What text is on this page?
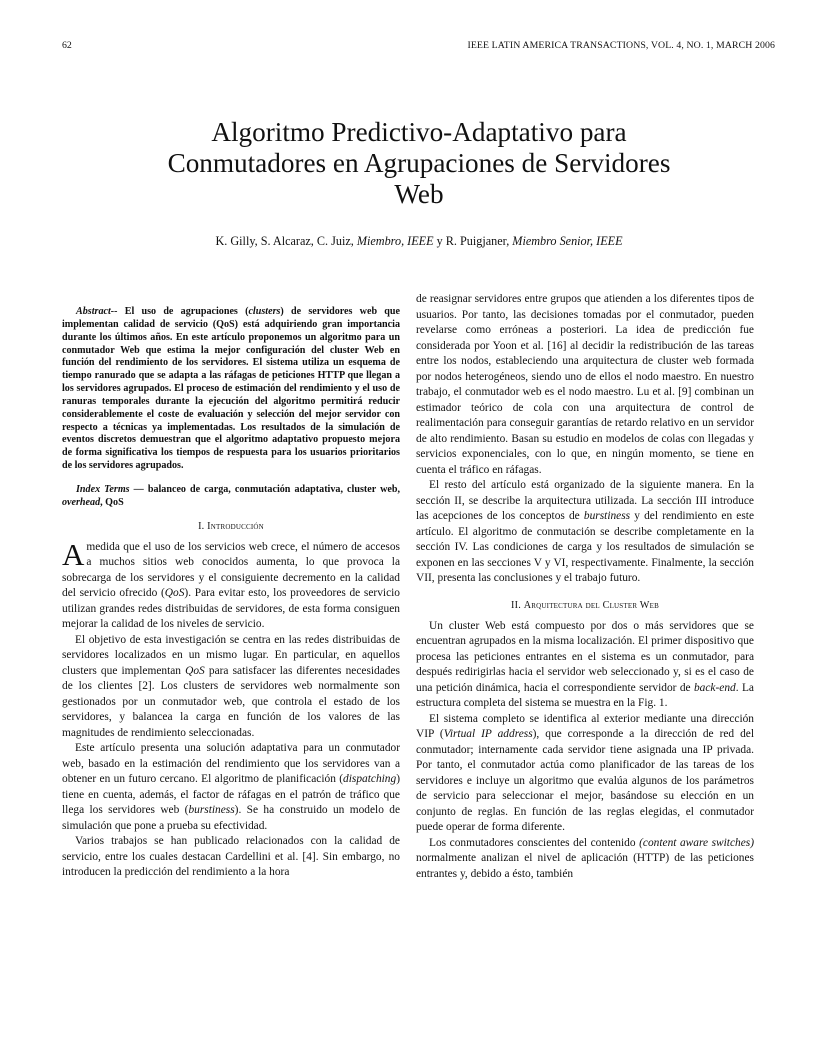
62	IEEE LATIN AMERICA TRANSACTIONS, VOL. 4, NO. 1, MARCH 2006
Algoritmo Predictivo-Adaptativo para
Conmutadores en Agrupaciones de Servidores
Web
K. Gilly, S. Alcaraz, C. Juiz, Miembro, IEEE y R. Puigjaner, Miembro Senior, IEEE

Abstract-- El uso de agrupaciones (clusters) de servidores web que implementan calidad de servicio (QoS) está adquiriendo gran importancia durante los últimos años. En este artículo proponemos un algoritmo para un conmutador Web que estima la mejor configuración del cluster Web en función del rendimiento de los servidores. El sistema utiliza un esquema de tiempo ranurado que se adapta a las ráfagas de peticiones HTTP que llegan a los servidores agrupados. El proceso de estimación del rendimiento y el uso de ranuras temporales durante la ejecución del algoritmo permitirá reducir considerablemente el coste de evaluación y selección del mejor servidor con respecto a técnicas ya implementadas. Los resultados de la simulación de eventos discretos demuestran que el algoritmo adaptativo propuesto mejora de forma significativa los tiempos de respuesta para los usuarios prioritarios de los servidores agrupados.

Index Terms — balanceo de carga, conmutación adaptativa, cluster web, overhead, QoS

I. Introducción

Amedida que el uso de los servicios web crece, el número de accesos a muchos sitios web conocidos aumenta, lo que provoca la sobrecarga de los servidores y el consiguiente decremento en la calidad del servicio ofrecido (QoS). Para evitar esto, los proveedores de servicio utilizan grandes redes distribuidas de servidores, de esta forma consiguen mejorar la calidad de los niveles de servicio.

El objetivo de esta investigación se centra en las redes distribuidas de servidores localizados en un mismo lugar. En particular, en aquellos clusters que implementan QoS para satisfacer las diferentes necesidades de los clientes [2]. Los clusters de servidores web normalmente son gestionados por un conmutador web, que controla el estado de los servidores, y balancea la carga en función de los valores de las magnitudes de rendimiento seleccionadas.

Este artículo presenta una solución adaptativa para un conmutador web, basado en la estimación del rendimiento que los servidores van a obtener en un futuro cercano. El algoritmo de planificación (dispatching) tiene en cuenta, además, el factor de ráfagas en el patrón de tráfico que llega los servidores web (burstiness). Se ha construido un modelo de simulación que pone a prueba su efectividad.

Varios trabajos se han publicado relacionados con la calidad de servicio, entre los cuales destacan Cardellini et al. [4]. Sin embargo, no introducen la predicción del rendimiento a la hora

de reasignar servidores entre grupos que atienden a los diferentes tipos de usuarios. Por tanto, las decisiones tomadas por el conmutador, pueden revelarse como erróneas a posteriori. La idea de predicción fue considerada por Yoon et al. [16] al decidir la redistribución de las tareas entre los nodos, estableciendo una arquitectura de cluster web formada por nodos heterogéneos, siendo uno de ellos el nodo maestro. En nuestro trabajo, el conmutador web es el nodo maestro. Lu et al. [9] combinan un estimador teórico de cola con una arquitectura de control de realimentación para conseguir garantías de retardo relativo en un servidor de alto rendimiento. Basan su estudio en modelos de colas con llegadas y servicios exponenciales, con lo que, en ningún momento, se tiene en cuenta el tráfico en ráfagas.

El resto del artículo está organizado de la siguiente manera. En la sección II, se describe la arquitectura utilizada. La sección III introduce las acepciones de los conceptos de burstiness y del rendimiento en este artículo. El algoritmo de conmutación se describe completamente en la sección IV. Las condiciones de carga y los resultados de simulación se exponen en las secciones V y VI, respectivamente. Finalmente, la sección VII, presenta las conclusiones y el trabajo futuro.

II. Arquitectura del Cluster Web

Un cluster Web está compuesto por dos o más servidores que se encuentran agrupados en la misma localización. El primer dispositivo que procesa las peticiones entrantes en el sistema es un conmutador, para después redirigirlas hacia el servidor web seleccionado y, si es el caso de una petición dinámica, hacia el correspondiente servidor de back-end. La estructura completa del sistema se muestra en la Fig. 1.

El sistema completo se identifica al exterior mediante una dirección VIP (Virtual IP address), que corresponde a la dirección de red del conmutador; internamente cada servidor tiene asignada una IP privada. Por tanto, el conmutador actúa como planificador de las tareas de los servidores e incluye un algoritmo que evalúa algunos de los parámetros de servicio para seleccionar el mejor, basándose su elección en un conjunto de reglas. En función de las reglas elegidas, el conmutador puede operar de forma diferente.

Los conmutadores conscientes del contenido (content aware switches) normalmente analizan el nivel de aplicación (HTTP) de las peticiones entrantes y, debido a ésto, también
